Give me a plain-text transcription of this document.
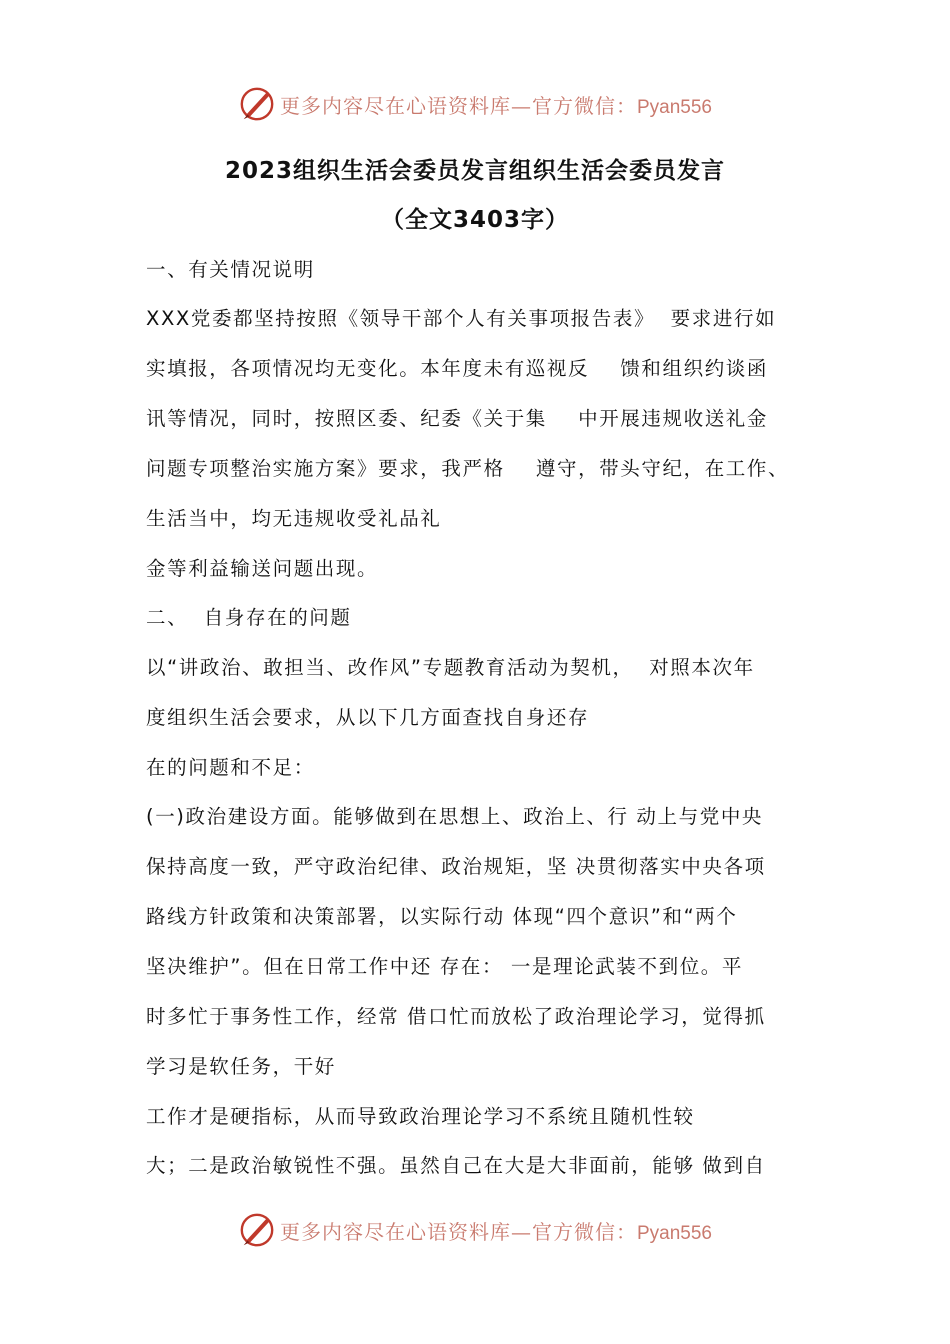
更多内容尽在心语资料库—官方微信：Pyan556
2023组织生活会委员发言组织生活会委员发言
（全文3403字）
一、有关情况说明
XXX党委都坚持按照《领导干部个人有关事项报告表》  要求进行如
实填报，各项情况均无变化。本年度未有巡视反    馈和组织约谈函
讯等情况，同时，按照区委、纪委《关于集    中开展违规收送礼金
问题专项整治实施方案》要求，我严格    遵守，带头守纪，在工作、
生活当中，均无违规收受礼品礼
金等利益输送问题出现。
二、  自身存在的问题
以“讲政治、敢担当、改作风”专题教育活动为契机，  对照本次年
度组织生活会要求，从以下几方面查找自身还存
在的问题和不足：
(一)政治建设方面。能够做到在思想上、政治上、行 动上与党中央
保持高度一致，严守政治纪律、政治规矩，坚 决贯彻落实中央各项
路线方针政策和决策部署，以实际行动 体现“四个意识”和“两个
坚决维护”。但在日常工作中还 存在： 一是理论武装不到位。平
时多忙于事务性工作，经常 借口忙而放松了政治理论学习，觉得抓
学习是软任务，干好
工作才是硬指标，从而导致政治理论学习不系统且随机性较
大；二是政治敏锐性不强。虽然自己在大是大非面前，能够 做到自
更多内容尽在心语资料库—官方微信：Pyan556
